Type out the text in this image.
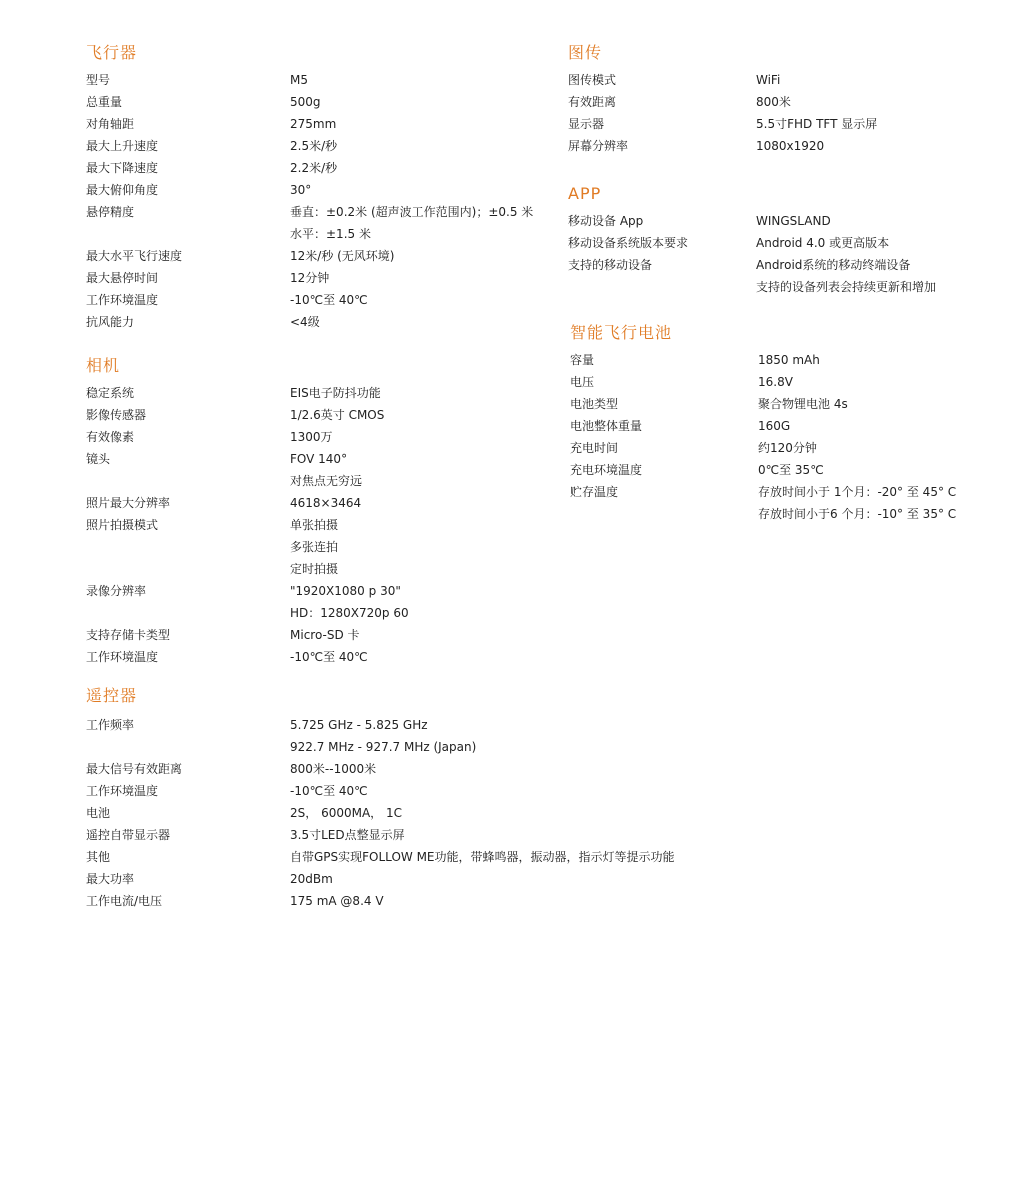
飞行器
型号	M5
总重量	500g
对角轴距	275mm
最大上升速度	2.5米/秒
最大下降速度	2.2米/秒
最大俯仰角度	30°
悬停精度	垂直：±0.2米 (超声波工作范围内)；±0.5 米
水平：±1.5 米
最大水平飞行速度	12米/秒 (无风环境)
最大悬停时间	12分钟
工作环境温度	-10℃至 40℃
抗风能力	<4级
相机
稳定系统	EIS电子防抖功能
影像传感器	1/2.6英寸 CMOS
有效像素	1300万
镜头	FOV 140°
对焦点无穷远
照片最大分辨率	4618×3464
照片拍摄模式	单张拍摄
多张连拍
定时拍摄
录像分辨率	"1920X1080 p 30"
HD：1280X720p 60
支持存储卡类型	Micro-SD 卡
工作环境温度	-10℃至 40℃
遥控器
工作频率	5.725 GHz - 5.825 GHz
922.7 MHz - 927.7 MHz (Japan)
最大信号有效距离	800米--1000米
工作环境温度	-10℃至 40℃
电池	2S， 6000MA， 1C
遥控自带显示器	3.5寸LED点整显示屏
其他	自带GPS实现FOLLOW ME功能，带蜂鸣器，振动器，指示灯等提示功能
最大功率	20dBm
工作电流/电压	175 mA @8.4 V
图传
图传模式	WiFi
有效距离	800米
显示器	5.5寸FHD TFT 显示屏
屏幕分辨率	1080x1920
APP
移动设备 App	WINGSLAND
移动设备系统版本要求	Android 4.0 或更高版本
支持的移动设备	Android系统的移动终端设备
支持的设备列表会持续更新和增加
智能飞行电池
容量	1850 mAh
电压	16.8V
电池类型	聚合物锂电池 4s
电池整体重量	160G
充电时间	约120分钟
充电环境温度	0℃至 35℃
贮存温度	存放时间小于 1个月：-20° 至 45° C
存放时间小于6 个月：-10° 至 35° C
